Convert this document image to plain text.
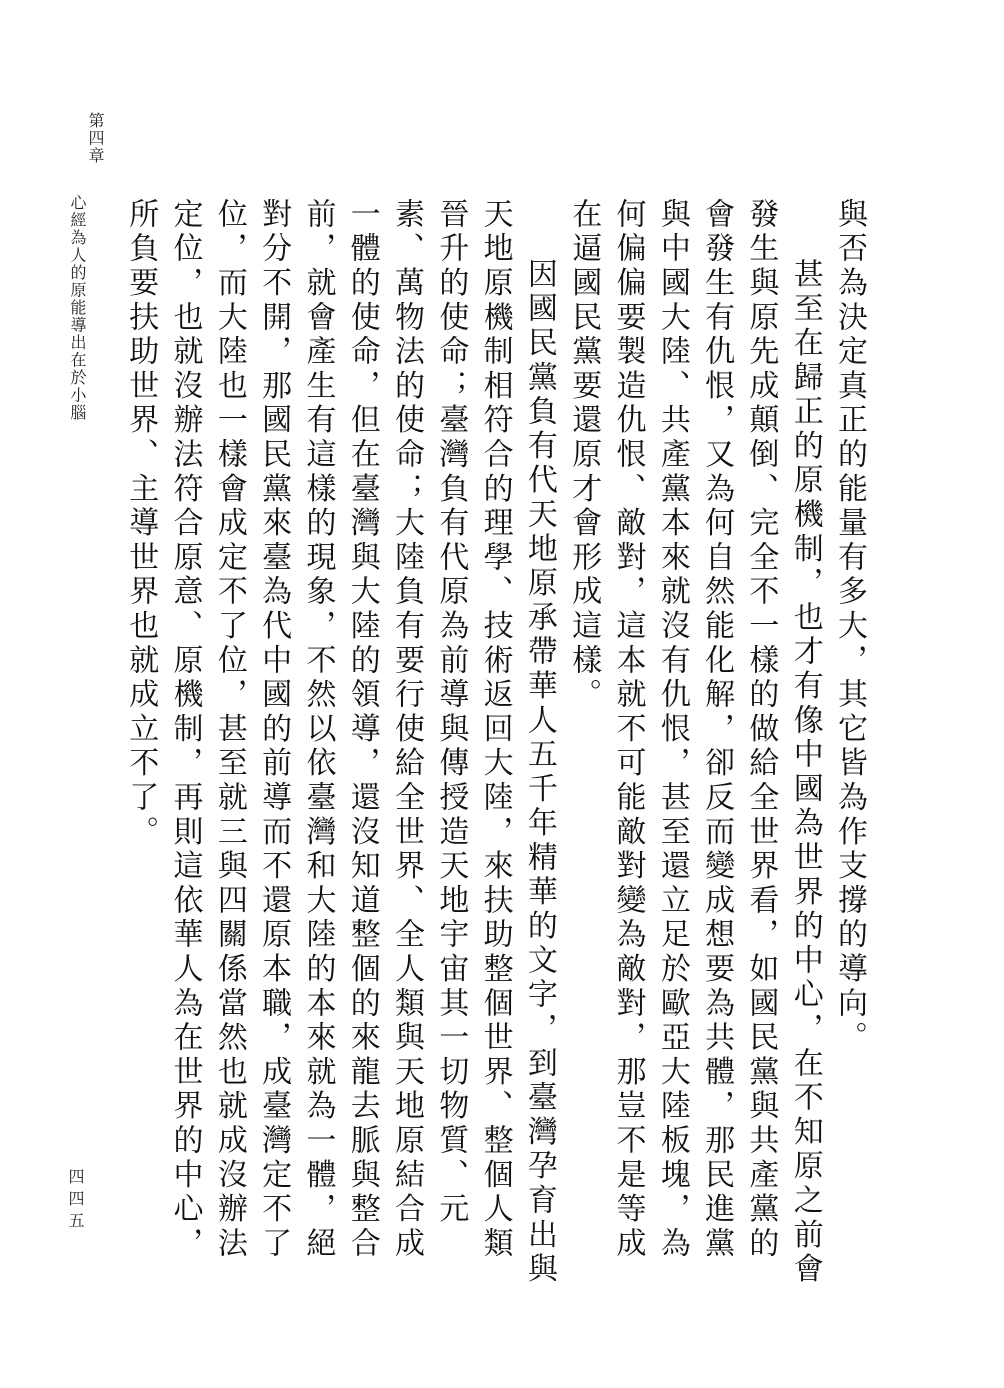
第四章
心經為人的原能導出在於小腦
四四五

與否為決定真正的能量有多大，其它皆為作支撐的導向。

甚至在歸正的原機制，也才有像中國為世界的中心，在不知原之前會發生與原先成顛倒、完全不一樣的做給全世界看，如國民黨與共產黨的會發生有仇恨，又為何自然能化解，卻反而變成想要為共體，那民進黨與中國大陸、共產黨本來就沒有仇恨，甚至還立足於歐亞大陸板塊，為何偏偏要製造仇恨、敵對，這本就不可能敵對變為敵對，那豈不是等成在逼國民黨要還原才會形成這樣。

因國民黨負有代天地原承帶華人五千年精華的文字，到臺灣孕育出與天地原機制相符合的理學、技術返回大陸，來扶助整個世界、整個人類晉升的使命；臺灣負有代原為前導與傳授造天地宇宙其一切物質、元素、萬物法的使命；大陸負有要行使給全世界、全人類與天地原結合成一體的使命，但在臺灣與大陸的領導，還沒知道整個的來龍去脈與整合前，就會產生有這樣的現象，不然以依臺灣和大陸的本來就為一體，絕對分不開，那國民黨來臺為代中國的前導而不還原本職，成臺灣定不了位，而大陸也一樣會成定不了位，甚至就三與四關係當然也就成沒辦法定位，也就沒辦法符合原意、原機制，再則這依華人為在世界的中心，所負要扶助世界、主導世界也就成立不了。
